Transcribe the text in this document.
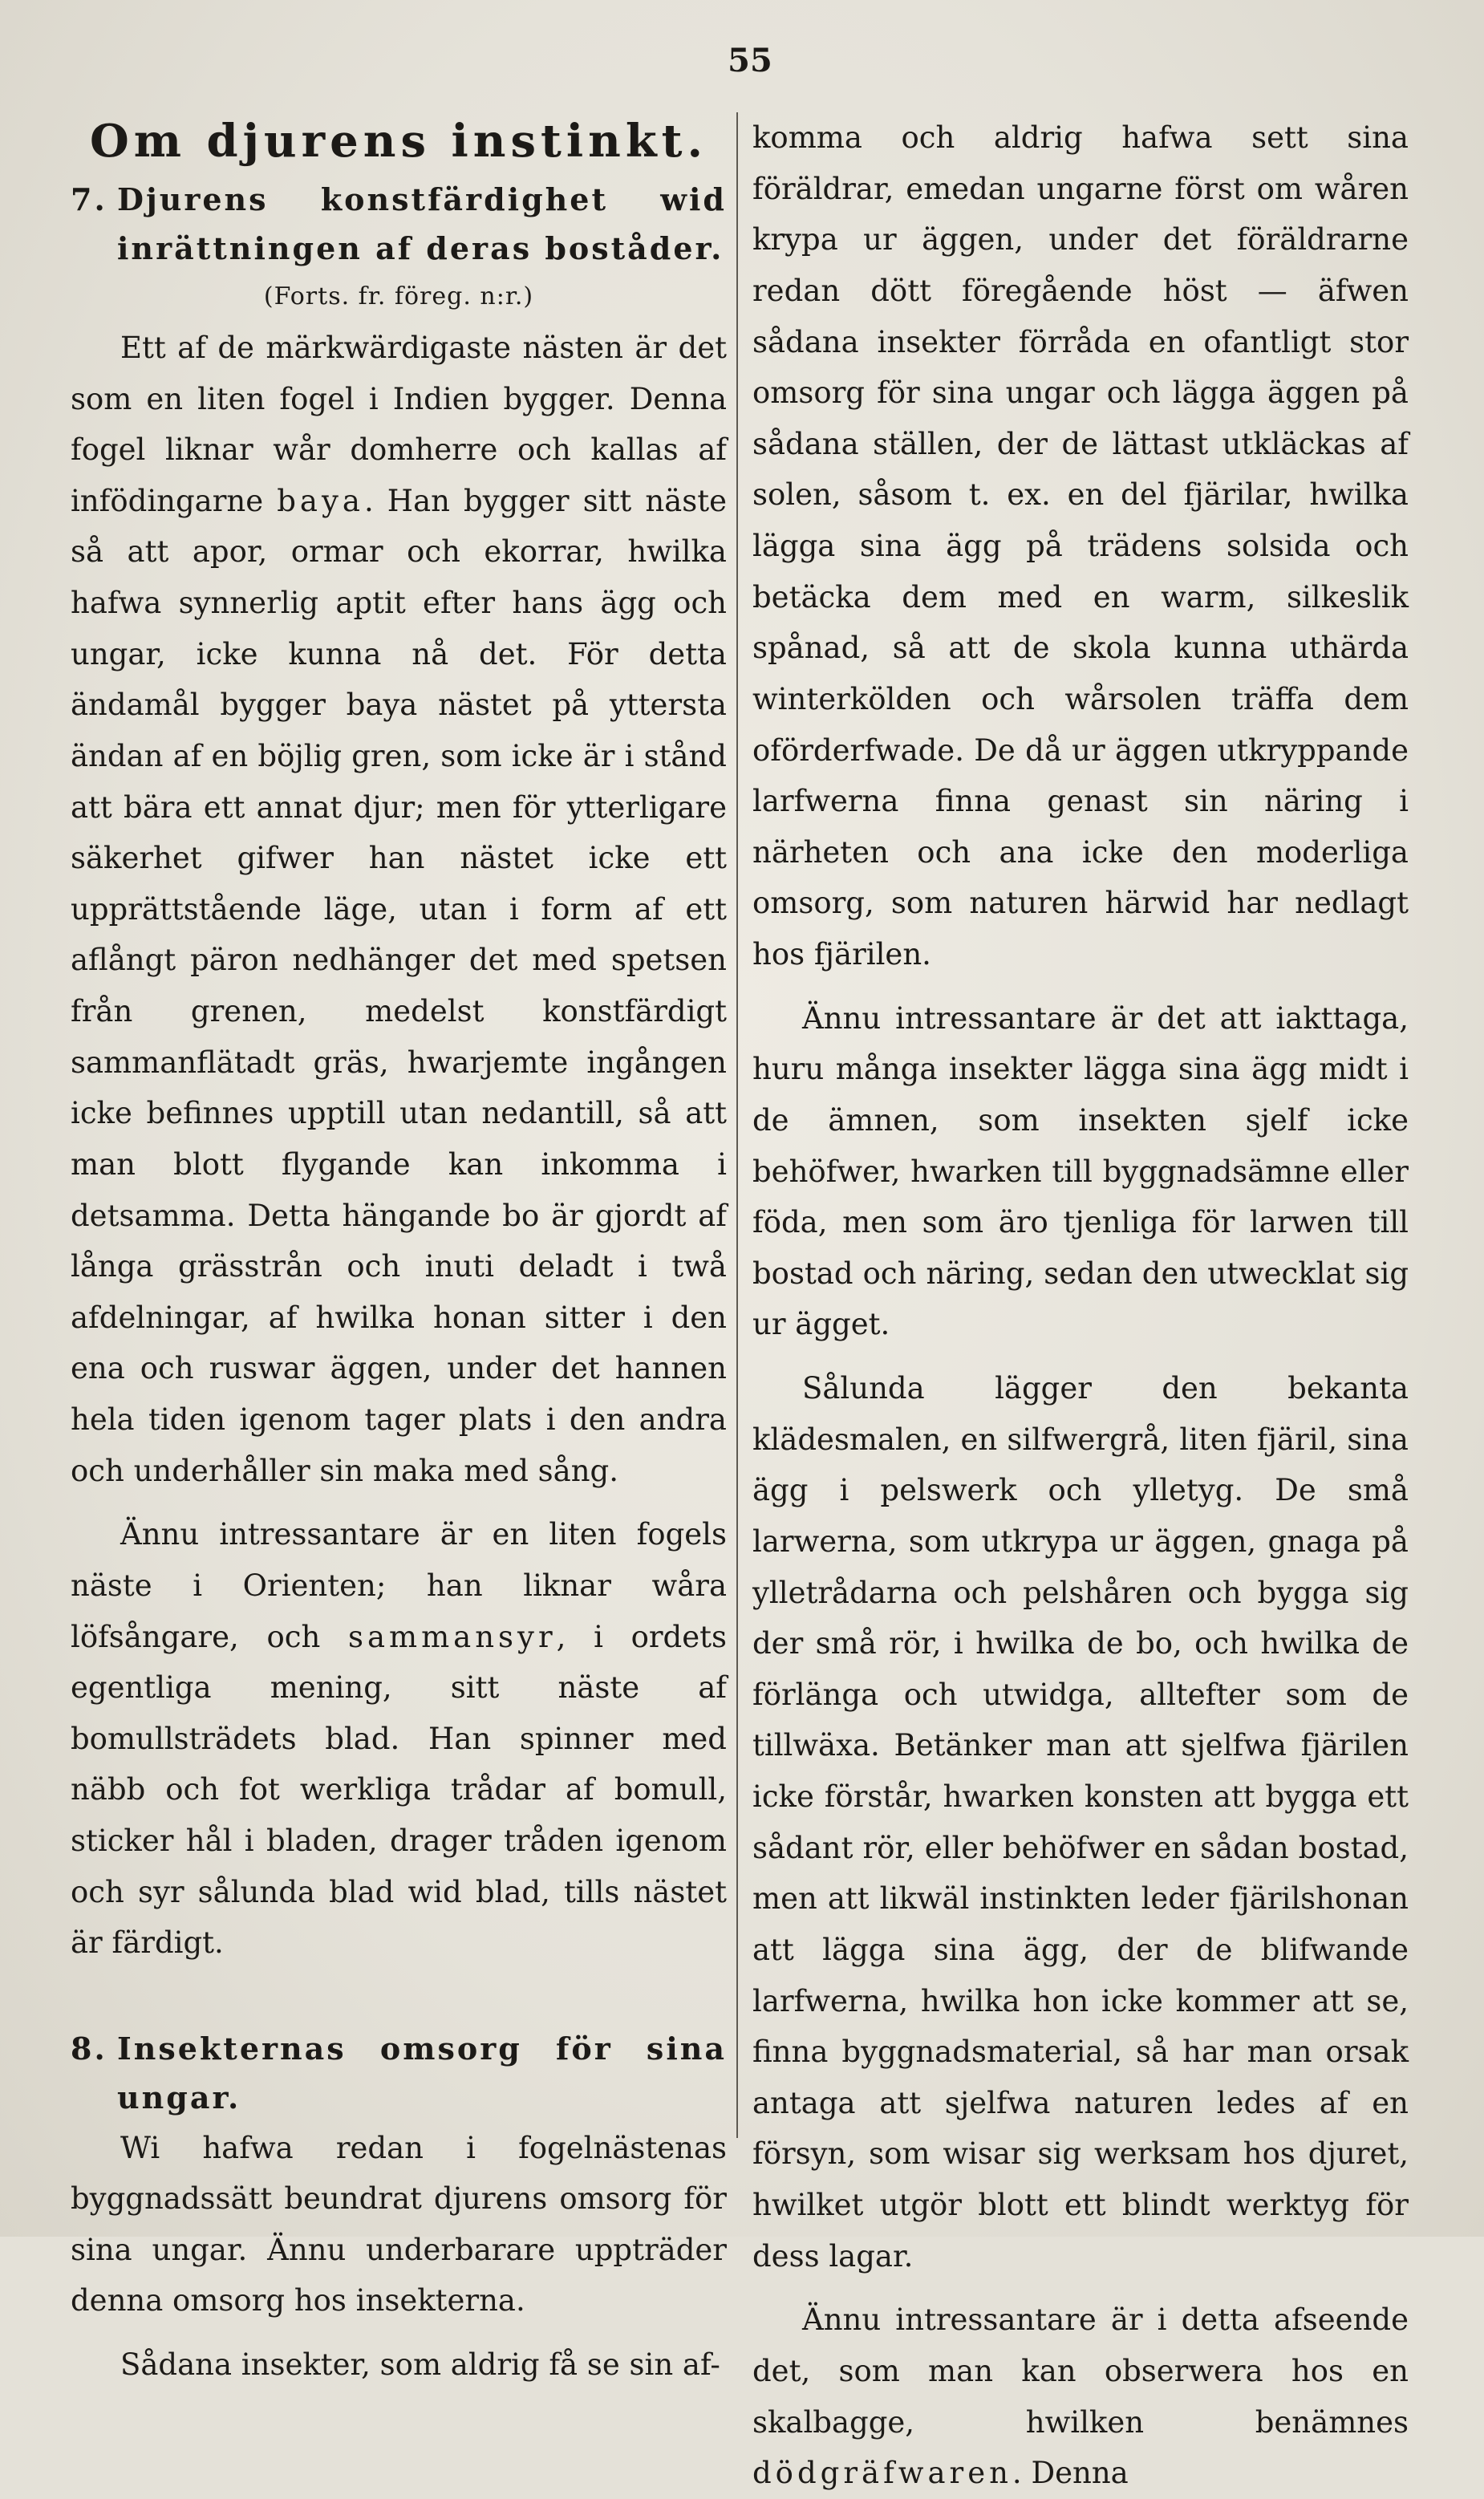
55
Om djurens instinkt.
7. Djurens konstfärdighet wid inrättningen af deras boståder.
(Forts. fr. föreg. n:r.)

Ett af de märkwärdigaste nästen är det som en liten fogel i Indien bygger. Denna fogel liknar wår domherre och kallas af infödingarne baya. Han bygger sitt näste så att apor, ormar och ekorrar, hwilka hafwa synnerlig aptit efter hans ägg och ungar, icke kunna nå det. För detta ändamål bygger baya nästet på yttersta ändan af en böjlig gren, som icke är i stånd att bära ett annat djur; men för ytterligare säkerhet gifwer han nästet icke ett upprättstående läge, utan i form af ett aflångt päron nedhänger det med spetsen från grenen, medelst konstfärdigt sammanflätadt gräs, hwarjemte ingången icke befinnes upptill utan nedantill, så att man blott flygande kan inkomma i detsamma. Detta hängande bo är gjordt af långa grässtrån och inuti deladt i twå afdelningar, af hwilka honan sitter i den ena och ruswar äggen, under det hannen hela tiden igenom tager plats i den andra och underhåller sin maka med sång.

Ännu intressantare är en liten fogels näste i Orienten; han liknar wåra löfsångare, och sammansyr, i ordets egentliga mening, sitt näste af bomullsträdets blad. Han spinner med näbb och fot werkliga trådar af bomull, sticker hål i bladen, drager tråden igenom och syr sålunda blad wid blad, tills nästet är färdigt.

8. Insekternas omsorg för sina ungar.

Wi hafwa redan i fogelnästenas byggnadssätt beundrat djurens omsorg för sina ungar. Ännu underbarare uppträder denna omsorg hos insekterna.

Sådana insekter, som aldrig få se sin af-

komma och aldrig hafwa sett sina föräldrar, emedan ungarne först om wåren krypa ur äggen, under det föräldrarne redan dött föregående höst — äfwen sådana insekter förråda en ofantligt stor omsorg för sina ungar och lägga äggen på sådana ställen, der de lättast utkläckas af solen, såsom t. ex. en del fjärilar, hwilka lägga sina ägg på trädens solsida och betäcka dem med en warm, silkeslik spånad, så att de skola kunna uthärda winterkölden och wårsolen träffa dem oförderfwade. De då ur äggen utkryppande larfwerna finna genast sin näring i närheten och ana icke den moderliga omsorg, som naturen härwid har nedlagt hos fjärilen.

Ännu intressantare är det att iakttaga, huru många insekter lägga sina ägg midt i de ämnen, som insekten sjelf icke behöfwer, hwarken till byggnadsämne eller föda, men som äro tjenliga för larwen till bostad och näring, sedan den utwecklat sig ur ägget.

Sålunda lägger den bekanta klädesmalen, en silfwergrå, liten fjäril, sina ägg i pelswerk och ylletyg. De små larwerna, som utkrypa ur äggen, gnaga på ylletrådarna och pelshåren och bygga sig der små rör, i hwilka de bo, och hwilka de förlänga och utwidga, alltefter som de tillwäxa. Betänker man att sjelfwa fjärilen icke förstår, hwarken konsten att bygga ett sådant rör, eller behöfwer en sådan bostad, men att likwäl instinkten leder fjärilshonan att lägga sina ägg, der de blifwande larfwerna, hwilka hon icke kommer att se, finna byggnadsmaterial, så har man orsak antaga att sjelfwa naturen ledes af en försyn, som wisar sig werksam hos djuret, hwilket utgör blott ett blindt werktyg för dess lagar.

Ännu intressantare är i detta afseende det, som man kan obserwera hos en skalbagge, hwilken benämnes dödgräfwaren. Denna
